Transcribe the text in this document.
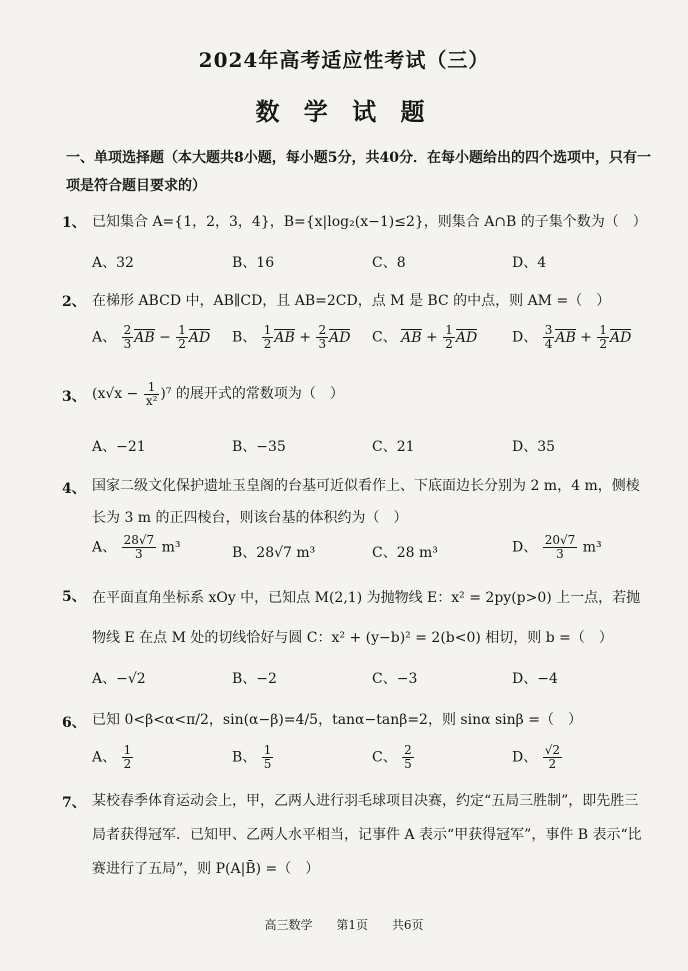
2024年高考适应性考试（三）
数 学 试 题
一、单项选择题（本大题共8小题，每小题5分，共40分．在每小题给出的四个选项中，只有一项是符合题目要求的）
1、 已知集合 A={1，2，3，4}，B={x|log₂(x−1)≤2}，则集合 A∩B 的子集个数为（　）
A、32	B、16	C、8	D、4
2、 在梯形 ABCD 中，AB∥CD，且 AB=2CD，点 M 是 BC 的中点，则 AM =（　）
A、 $\frac{2}{3}$ AB − $\frac{1}{2}$ AD B、 $\frac{1}{2}$ AB + $\frac{2}{3}$ AD C、 AB + $\frac{1}{2}$ AD D、 $\frac{3}{4}$ AB + $\frac{1}{2}$ AD
3、 $(x√x - \frac{1}{\text{x²}} )^7$ 的展开式的常数项为（　）
A、−21	B、−35	C、21	D、35
4、 国家二级文化保护遗址玉皇阁的台基可近似看作上、下底面边长分别为 2 m，4 m，侧棱长为 3 m 的正四棱台，则该台基的体积约为（　）
A、 $\frac{28√7}{3} m^3$	B、28√7 m³	C、28 m³	D、 $\frac{20√7}{3} m^3$
5、 在平面直角坐标系 xOy 中，已知点 M(2,1) 为抛物线 E：x² = 2py(p>0) 上一点，若抛物线 E 在点 M 处的切线恰好与圆 C：x² + (y−b)² = 2(b<0) 相切，则 b =（　）
A、−√2	B、−2	C、−3	D、−4
6、 已知 0<β<α<π/2，sin(α−β)=4/5，tanα−tanβ=2，则 sinα sinβ =（　）
A、 $\frac{1}{2}$	B、 $\frac{1}{5}$	C、 $\frac{2}{5}$	D、 $\frac{√2}{2}$
7、 某校春季体育运动会上，甲，乙两人进行羽毛球项目决赛，约定“五局三胜制”，即先胜三局者获得冠军．已知甲、乙两人水平相当，记事件 A 表示“甲获得冠军”，事件 B 表示“比赛进行了五局”，则 P(A|B̄) =（　）
高三数学 第1页 共6页
